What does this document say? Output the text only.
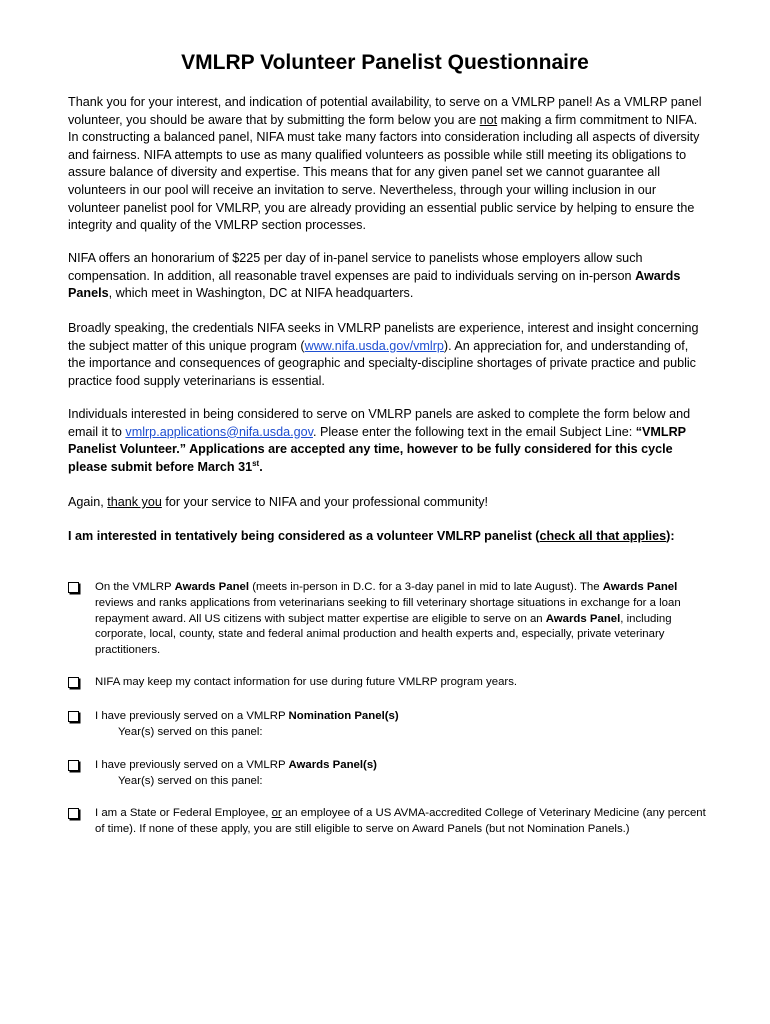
VMLRP Volunteer Panelist Questionnaire

Thank you for your interest, and indication of potential availability, to serve on a VMLRP panel! As a VMLRP panel volunteer, you should be aware that by submitting the form below you are not making a firm commitment to NIFA. In constructing a balanced panel, NIFA must take many factors into consideration including all aspects of diversity and fairness. NIFA attempts to use as many qualified volunteers as possible while still meeting its obligations to assure balance of diversity and expertise. This means that for any given panel set we cannot guarantee all volunteers in our pool will receive an invitation to serve. Nevertheless, through your willing inclusion in our volunteer panelist pool for VMLRP, you are already providing an essential public service by helping to ensure the integrity and quality of the VMLRP section processes.

NIFA offers an honorarium of $225 per day of in-panel service to panelists whose employers allow such compensation. In addition, all reasonable travel expenses are paid to individuals serving on in-person Awards Panels, which meet in Washington, DC at NIFA headquarters.

Broadly speaking, the credentials NIFA seeks in VMLRP panelists are experience, interest and insight concerning the subject matter of this unique program (www.nifa.usda.gov/vmlrp). An appreciation for, and understanding of, the importance and consequences of geographic and specialty-discipline shortages of private practice and public practice food supply veterinarians is essential.

Individuals interested in being considered to serve on VMLRP panels are asked to complete the form below and email it to vmlrp.applications@nifa.usda.gov. Please enter the following text in the email Subject Line: “VMLRP Panelist Volunteer.” Applications are accepted any time, however to be fully considered for this cycle please submit before March 31st.

Again, thank you for your service to NIFA and your professional community!

I am interested in tentatively being considered as a volunteer VMLRP panelist (check all that applies):

On the VMLRP Awards Panel (meets in-person in D.C. for a 3-day panel in mid to late August). The Awards Panel reviews and ranks applications from veterinarians seeking to fill veterinary shortage situations in exchange for a loan repayment award. All US citizens with subject matter expertise are eligible to serve on an Awards Panel, including corporate, local, county, state and federal animal production and health experts and, especially, private veterinary practitioners.
NIFA may keep my contact information for use during future VMLRP program years.
I have previously served on a VMLRP Nomination Panel(s)
Year(s) served on this panel:
I have previously served on a VMLRP Awards Panel(s)
Year(s) served on this panel:
I am a State or Federal Employee, or an employee of a US AVMA-accredited College of Veterinary Medicine (any percent of time). If none of these apply, you are still eligible to serve on Award Panels (but not Nomination Panels.)
